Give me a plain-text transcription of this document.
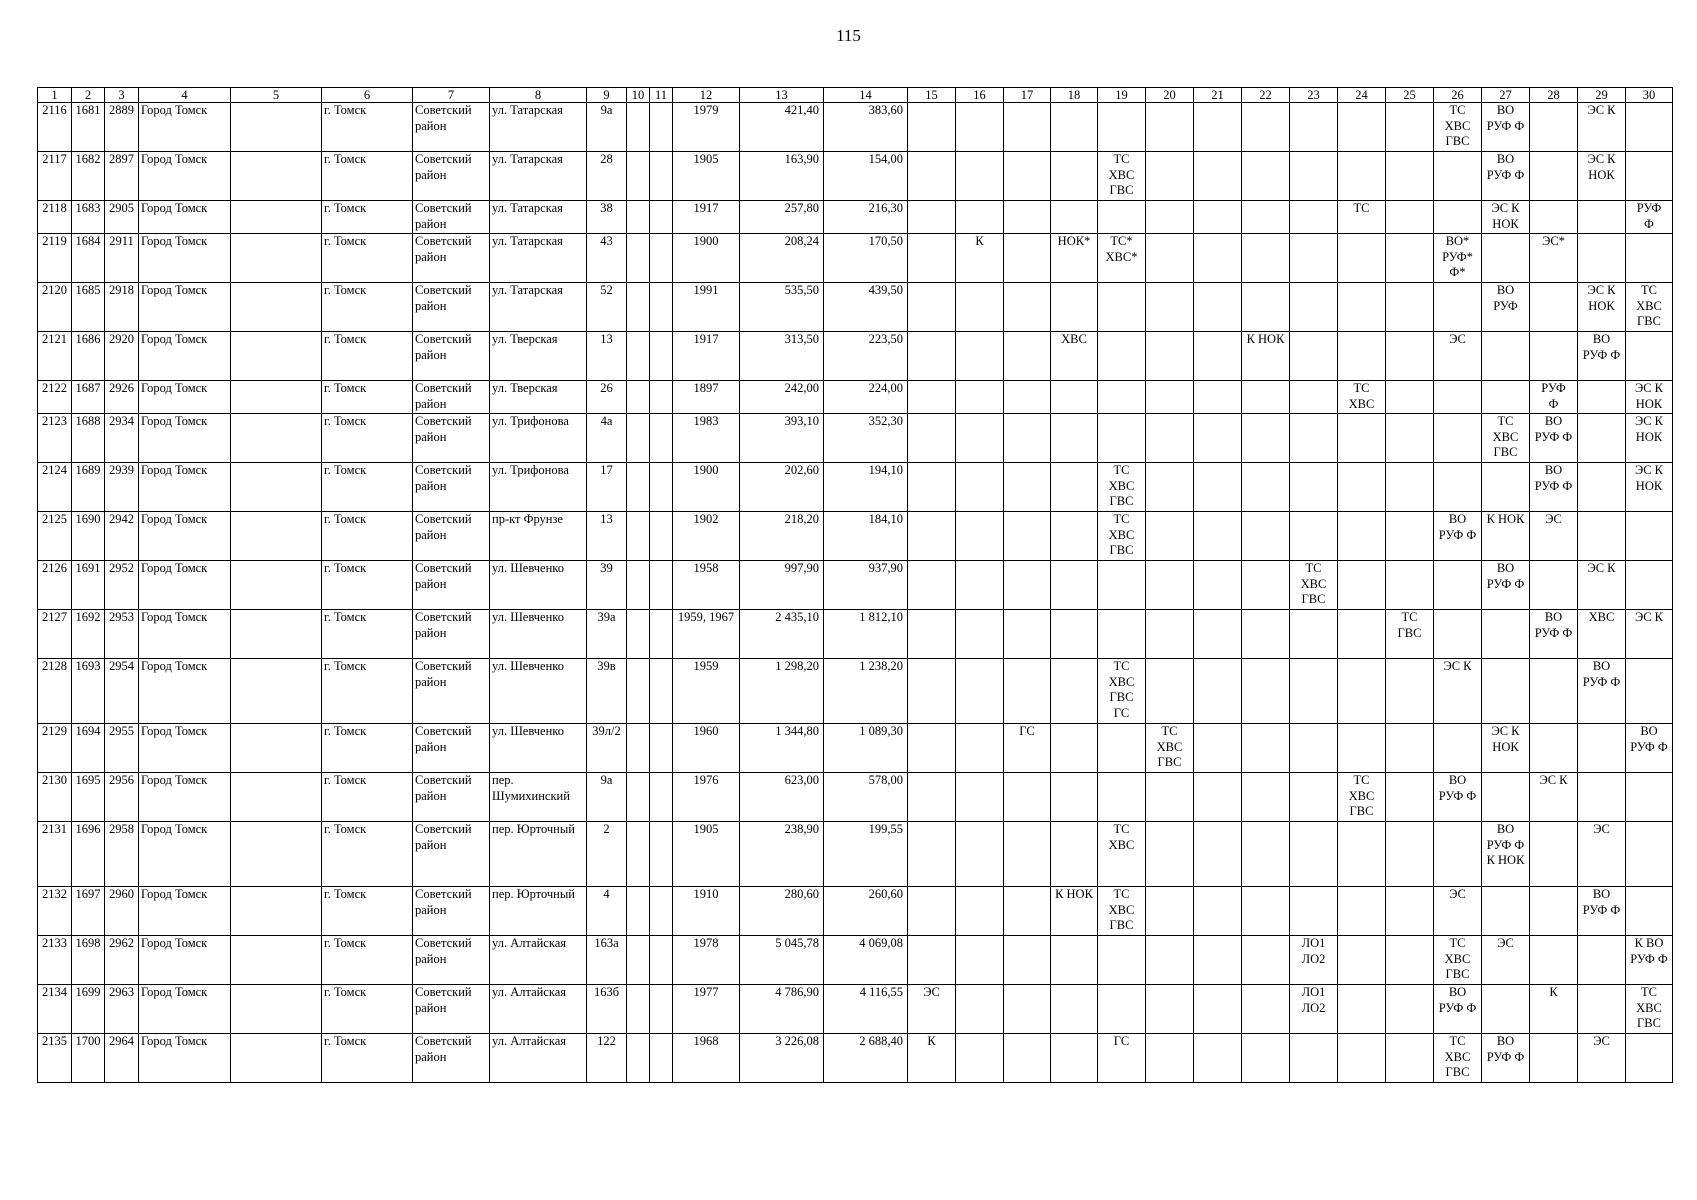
115
1	2	3	4	5	6	7	8	9	10	11	12	13	14	15	16	17	18	19	20	21	22	23	24	25	26	27	28	29	30
2116	1681	2889	Город Томск		г. Томск	Советский
район	ул. Татарская	9а			1979	421,40	383,60												ТС
ХВС
ГВС	ВО
РУФ Ф		ЭС К	
2117	1682	2897	Город Томск		г. Томск	Советский
район	ул. Татарская	28			1905	163,90	154,00					ТС
ХВС
ГВС								ВО
РУФ Ф		ЭС К
НОК	
2118	1683	2905	Город Томск		г. Томск	Советский
район	ул. Татарская	38			1917	257,80	216,30										ТС			ЭС К
НОК			РУФ
Ф
2119	1684	2911	Город Томск		г. Томск	Советский
район	ул. Татарская	43			1900	208,24	170,50		К		НОК*	ТС*
ХВС*							ВО*
РУФ*
Ф*		ЭС*		
2120	1685	2918	Город Томск		г. Томск	Советский
район	ул. Татарская	52			1991	535,50	439,50													ВО
РУФ		ЭС К
НОК	ТС
ХВС
ГВС
2121	1686	2920	Город Томск		г. Томск	Советский
район	ул. Тверская	13			1917	313,50	223,50				ХВС				К НОК				ЭС			ВО
РУФ Ф	
2122	1687	2926	Город Томск		г. Томск	Советский
район	ул. Тверская	26			1897	242,00	224,00										ТС
ХВС				РУФ
Ф		ЭС К
НОК
2123	1688	2934	Город Томск		г. Томск	Советский
район	ул. Трифонова	4а			1983	393,10	352,30													ТС
ХВС
ГВС	ВО
РУФ Ф		ЭС К
НОК
2124	1689	2939	Город Томск		г. Томск	Советский
район	ул. Трифонова	17			1900	202,60	194,10					ТС
ХВС
ГВС									ВО
РУФ Ф		ЭС К
НОК
2125	1690	2942	Город Томск		г. Томск	Советский
район	пр-кт Фрунзе	13			1902	218,20	184,10					ТС
ХВС
ГВС							ВО
РУФ Ф	К НОК	ЭС		
2126	1691	2952	Город Томск		г. Томск	Советский
район	ул. Шевченко	39			1958	997,90	937,90									ТС
ХВС
ГВС				ВО
РУФ Ф		ЭС К	
2127	1692	2953	Город Томск		г. Томск	Советский
район	ул. Шевченко	39а			1959, 1967	2 435,10	1 812,10											ТС
ГВС			ВО
РУФ Ф	ХВС	ЭС К
2128	1693	2954	Город Томск		г. Томск	Советский
район	ул. Шевченко	39в			1959	1 298,20	1 238,20					ТС
ХВС
ГВС
ГС							ЭС К			ВО
РУФ Ф	
2129	1694	2955	Город Томск		г. Томск	Советский
район	ул. Шевченко	39л/2			1960	1 344,80	1 089,30			ГС			ТС
ХВС
ГВС							ЭС К
НОК			ВО
РУФ Ф
2130	1695	2956	Город Томск		г. Томск	Советский
район	пер.
Шумихинский	9а			1976	623,00	578,00										ТС
ХВС
ГВС		ВО
РУФ Ф		ЭС К		
2131	1696	2958	Город Томск		г. Томск	Советский
район	пер. Юрточный	2			1905	238,90	199,55					ТС
ХВС								ВО
РУФ Ф
К НОК		ЭС	
2132	1697	2960	Город Томск		г. Томск	Советский
район	пер. Юрточный	4			1910	280,60	260,60				К НОК	ТС
ХВС
ГВС							ЭС			ВО
РУФ Ф	
2133	1698	2962	Город Томск		г. Томск	Советский
район	ул. Алтайская	163а			1978	5 045,78	4 069,08									ЛО1
ЛО2			ТС
ХВС
ГВС	ЭС			К ВО
РУФ Ф
2134	1699	2963	Город Томск		г. Томск	Советский
район	ул. Алтайская	163б			1977	4 786,90	4 116,55	ЭС								ЛО1
ЛО2			ВО
РУФ Ф		К		ТС
ХВС
ГВС
2135	1700	2964	Город Томск		г. Томск	Советский
район	ул. Алтайская	122			1968	3 226,08	2 688,40	К				ГС							ТС
ХВС
ГВС	ВО
РУФ Ф		ЭС	
